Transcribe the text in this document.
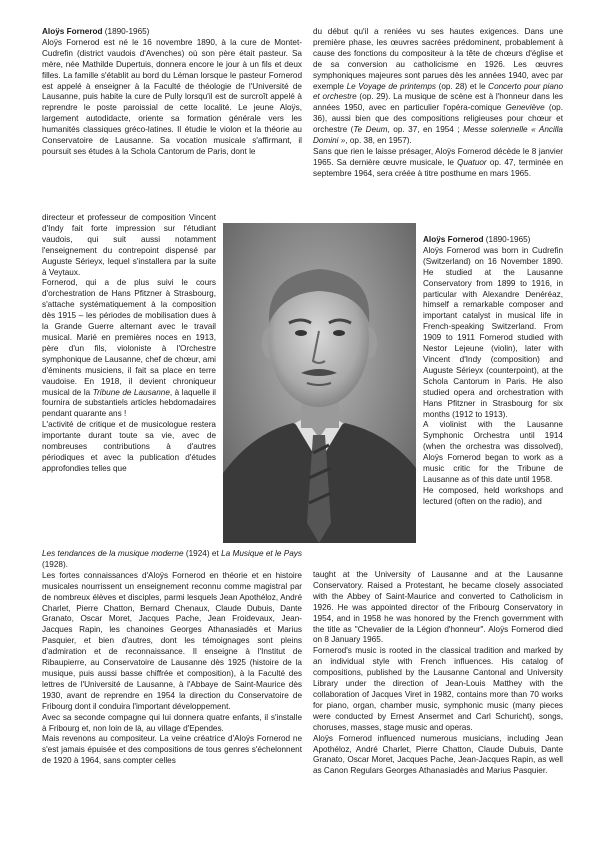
Aloÿs Fornerod (1890-1965)
Aloÿs Fornerod est né le 16 novembre 1890, à la cure de Montet-Cudrefin (district vaudois d'Avenches) où son père était pasteur. Sa mère, née Mathilde Dupertuis, donnera encore le jour à un fils et deux filles. La famille s'établit au bord du Léman lorsque le pasteur Fornerod est appelé à enseigner à la Faculté de théologie de l'Université de Lausanne, puis habite la cure de Pully lorsqu'il est de surcroît appelé à reprendre le poste paroissial de cette localité. Le jeune Aloÿs, largement autodidacte, oriente sa formation générale vers les humanités classiques gréco-latines. Il étudie le violon et la théorie au Conservatoire de Lausanne. Sa vocation musicale s'affirmant, il poursuit ses études à la Schola Cantorum de Paris, dont le

directeur et professeur de composition Vincent d'Indy fait forte impression sur l'étudiant vaudois, qui suit aussi notamment l'enseignement du contrepoint dispensé par Auguste Sérieyx, lequel s'installera par la suite à Veytaux.

Fornerod, qui a de plus suivi le cours d'orchestration de Hans Pfitzner à Strasbourg, s'attache systématiquement à la composition dès 1915 – les périodes de mobilisation dues à la Grande Guerre alternant avec le travail musical. Marié en premières noces en 1913, père d'un fils, violoniste à l'Orchestre symphonique de Lausanne, chef de chœur, ami d'éminents musiciens, il fait sa place en terre vaudoise. En 1918, il devient chroniqueur musical de la Tribune de Lausanne, à laquelle il fournira de substantiels articles hebdomadaires pendant quarante ans !

L'activité de critique et de musicologue restera importante durant toute sa vie, avec de nombreuses contributions à d'autres périodiques et avec la publication d'études approfondies telles que

Les tendances de la musique moderne (1924) et La Musique et le Pays (1928).

Les fortes connaissances d'Aloÿs Fornerod en théorie et en histoire musicales nourrissent un enseignement reconnu comme magistral par de nombreux élèves et disciples, parmi lesquels Jean Apothéloz, André Charlet, Pierre Chatton, Bernard Chenaux, Claude Dubuis, Dante Granato, Oscar Moret, Jacques Pache, Jean Froidevaux, Jean-Jacques Rapin, les chanoines Georges Athanasiadès et Marius Pasquier, et bien d'autres, dont les témoignages sont pleins d'admiration et de reconnaissance. Il enseigne à l'Institut de Ribaupierre, au Conservatoire de Lausanne dès 1925 (histoire de la musique, puis aussi basse chiffrée et composition), à la Faculté des lettres de l'Université de Lausanne, à l'Abbaye de Saint-Maurice dès 1930, avant de reprendre en 1954 la direction du Conservatoire de Fribourg dont il conduira l'important développement.

Avec sa seconde compagne qui lui donnera quatre enfants, il s'installe à Fribourg et, non loin de là, au village d'Ependes.

Mais revenons au compositeur. La veine créatrice d'Aloÿs Fornerod ne s'est jamais épuisée et des compositions de tous genres s'échelonnent de 1920 à 1964, sans compter celles

du début qu'il a reniées vu ses hautes exigences. Dans une première phase, les œuvres sacrées prédominent, probablement à cause des fonctions du compositeur à la tête de chœurs d'église et de sa conversion au catholicisme en 1926. Les œuvres symphoniques majeures sont parues dès les années 1940, avec par exemple Le Voyage de printemps (op. 28) et le Concerto pour piano et orchestre (op. 29). La musique de scène est à l'honneur dans les années 1950, avec en particulier l'opéra-comique Geneviève (op. 36), aussi bien que des compositions religieuses pour chœur et orchestre (Te Deum, op. 37, en 1954 ; Messe solennelle « Ancilla Domini », op. 38, en 1957).

Sans que rien le laisse présager, Aloÿs Fornerod décède le 8 janvier 1965. Sa dernière œuvre musicale, le Quatuor op. 47, terminée en septembre 1964, sera créée à titre posthume en mars 1965.

Aloÿs Fornerod (1890-1965)

Aloÿs Fornerod was born in Cudrefin (Switzerland) on 16 November 1890. He studied at the Lausanne Conservatory from 1899 to 1916, in particular with Alexandre Denéréaz, himself a remarkable composer and important catalyst in musical life in French-speaking Switzerland. From 1909 to 1911 Fornerod studied with Nestor Lejeune (violin), later with Vincent d'Indy (composition) and Auguste Sérieyx (counterpoint), at the Schola Cantorum in Paris. He also studied opera and orchestration with Hans Pfitzner in Strasbourg for six months (1912 to 1913).

A violinist with the Lausanne Symphonic Orchestra until 1914 (when the orchestra was dissolved), Aloÿs Fornerod began to work as a music critic for the Tribune de Lausanne as of this date until 1958.

He composed, held workshops and lectured (often on the radio), and

taught at the University of Lausanne and at the Lausanne Conservatory. Raised a Protestant, he became closely associated with the Abbey of Saint-Maurice and converted to Catholicism in 1926. He was appointed director of the Fribourg Conservatory in 1954, and in 1958 he was honored by the French government with the title as "Chevalier de la Légion d'honneur". Aloÿs Fornerod died on 8 January 1965.

Fornerod's music is rooted in the classical tradition and marked by an individual style with French influences. His catalog of compositions, published by the Lausanne Cantonal and University Library under the direction of Jean-Louis Matthey with the collaboration of Jacques Viret in 1982, contains more than 70 works for piano, organ, chamber music, symphonic music (many pieces were conducted by Ernest Ansermet and Carl Schuricht), songs, choruses, masses, stage music and operas.

Aloÿs Fornerod influenced numerous musicians, including Jean Apothéloz, André Charlet, Pierre Chatton, Claude Dubuis, Dante Granato, Oscar Moret, Jacques Pache, Jean-Jacques Rapin, as well as Canon Regulars Georges Athanasiadès and Marius Pasquier.
